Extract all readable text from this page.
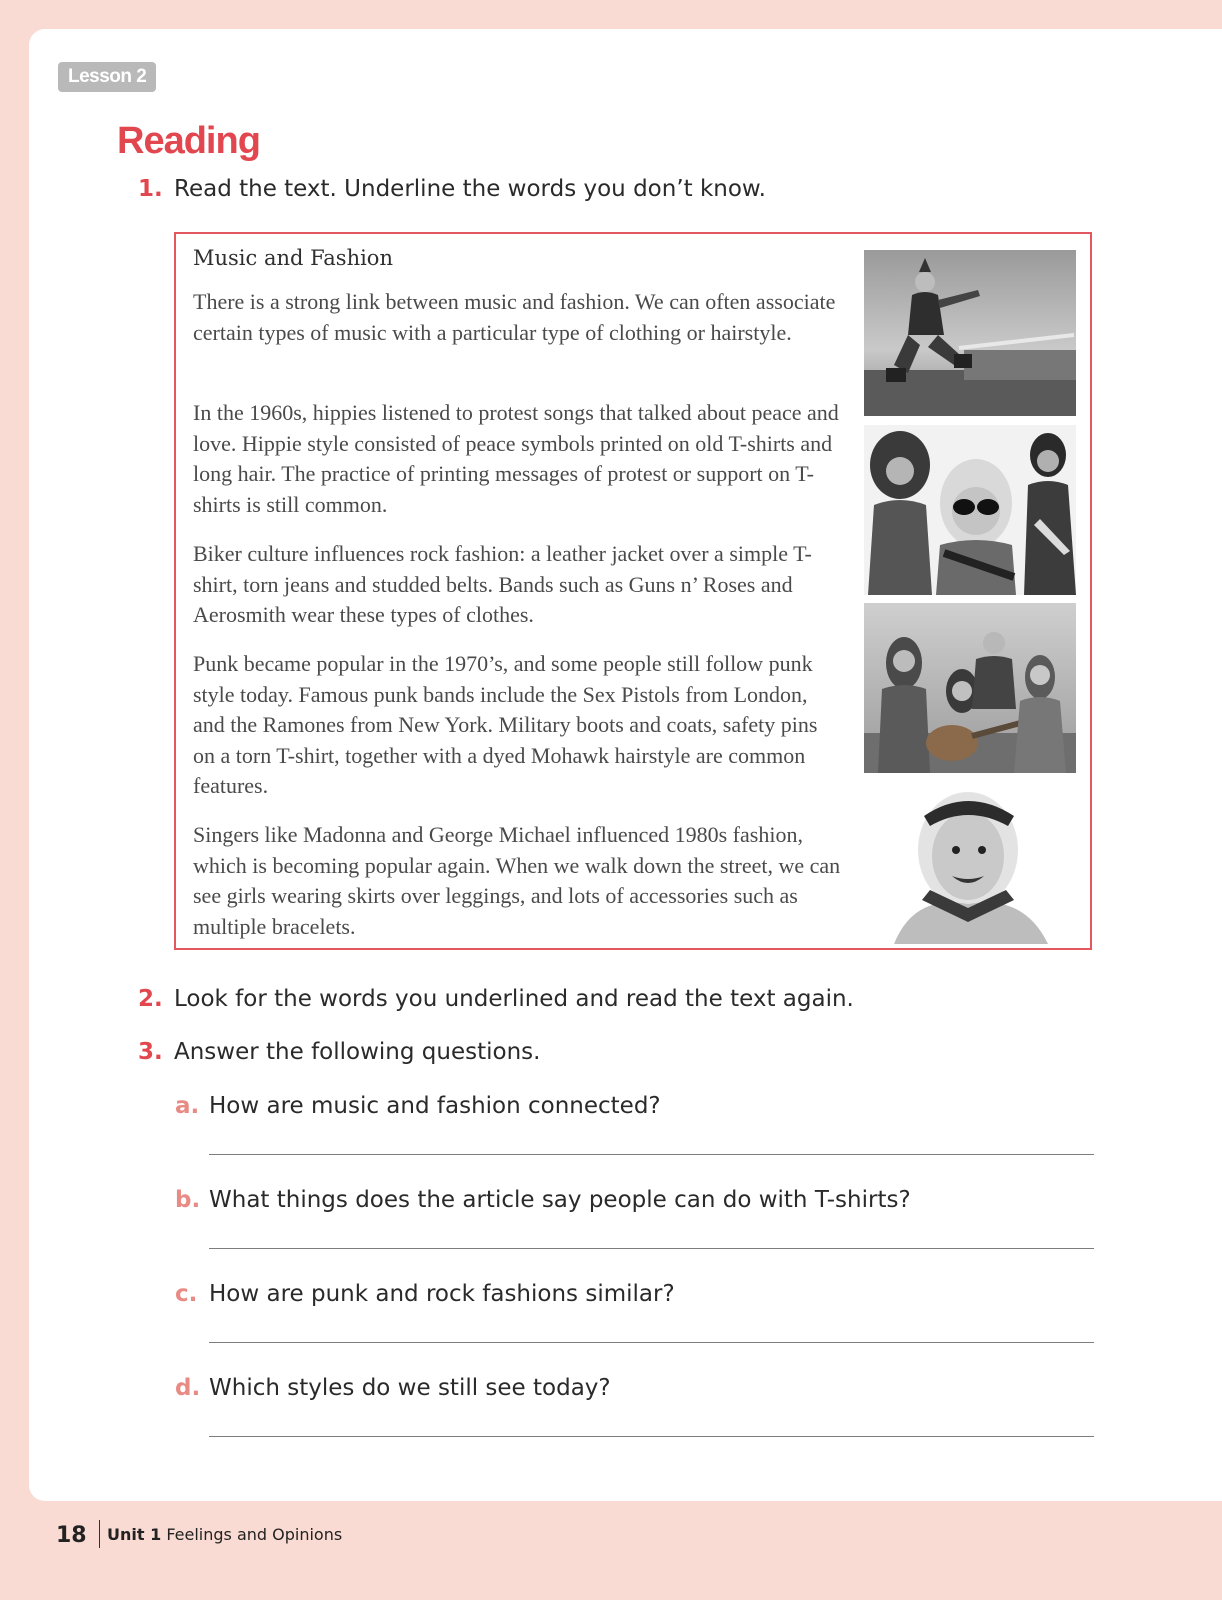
Lesson 2
Reading
1. Read the text. Underline the words you don’t know.
Music and Fashion
There is a strong link between music and fashion. We can often associate certain types of music with a particular type of clothing or hairstyle.
In the 1960s, hippies listened to protest songs that talked about peace and love. Hippie style consisted of peace symbols printed on old T-shirts and long hair. The practice of printing messages of protest or support on T-shirts is still common.
Biker culture influences rock fashion: a leather jacket over a simple T-shirt, torn jeans and studded belts. Bands such as Guns n’ Roses and Aerosmith wear these types of clothes.
Punk became popular in the 1970’s, and some people still follow punk style today. Famous punk bands include the Sex Pistols from London, and the Ramones from New York. Military boots and coats, safety pins on a torn T-shirt, together with a dyed Mohawk hairstyle are common features.
Singers like Madonna and George Michael influenced 1980s fashion, which is becoming popular again. When we walk down the street, we can see girls wearing skirts over leggings, and lots of accessories such as multiple bracelets.
2. Look for the words you underlined and read the text again.
3. Answer the following questions.
a. How are music and fashion connected?
b. What things does the article say people can do with T-shirts?
c. How are punk and rock fashions similar?
d. Which styles do we still see today?
18 Unit 1 Feelings and Opinions
